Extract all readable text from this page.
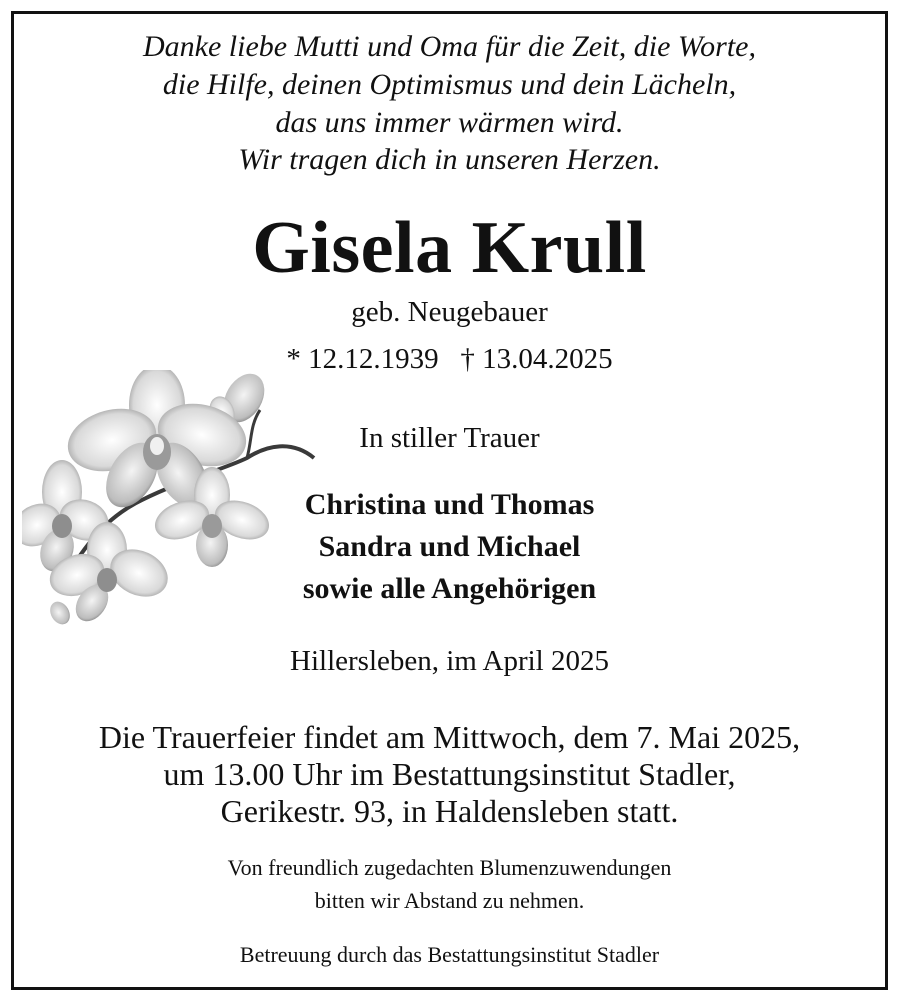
Danke liebe Mutti und Oma für die Zeit, die Worte,
die Hilfe, deinen Optimismus und dein Lächeln,
das uns immer wärmen wird.
Wir tragen dich in unseren Herzen.
Gisela Krull
geb. Neugebauer
* 12.12.1939   † 13.04.2025
In stiller Trauer
Christina und Thomas
Sandra und Michael
sowie alle Angehörigen
Hillersleben, im April 2025
Die Trauerfeier findet am Mittwoch, dem 7. Mai 2025,
um 13.00 Uhr im Bestattungsinstitut Stadler,
Gerikestr. 93, in Haldensleben statt.
Von freundlich zugedachten Blumenzuwendungen
bitten wir Abstand zu nehmen.
Betreuung durch das Bestattungsinstitut Stadler
